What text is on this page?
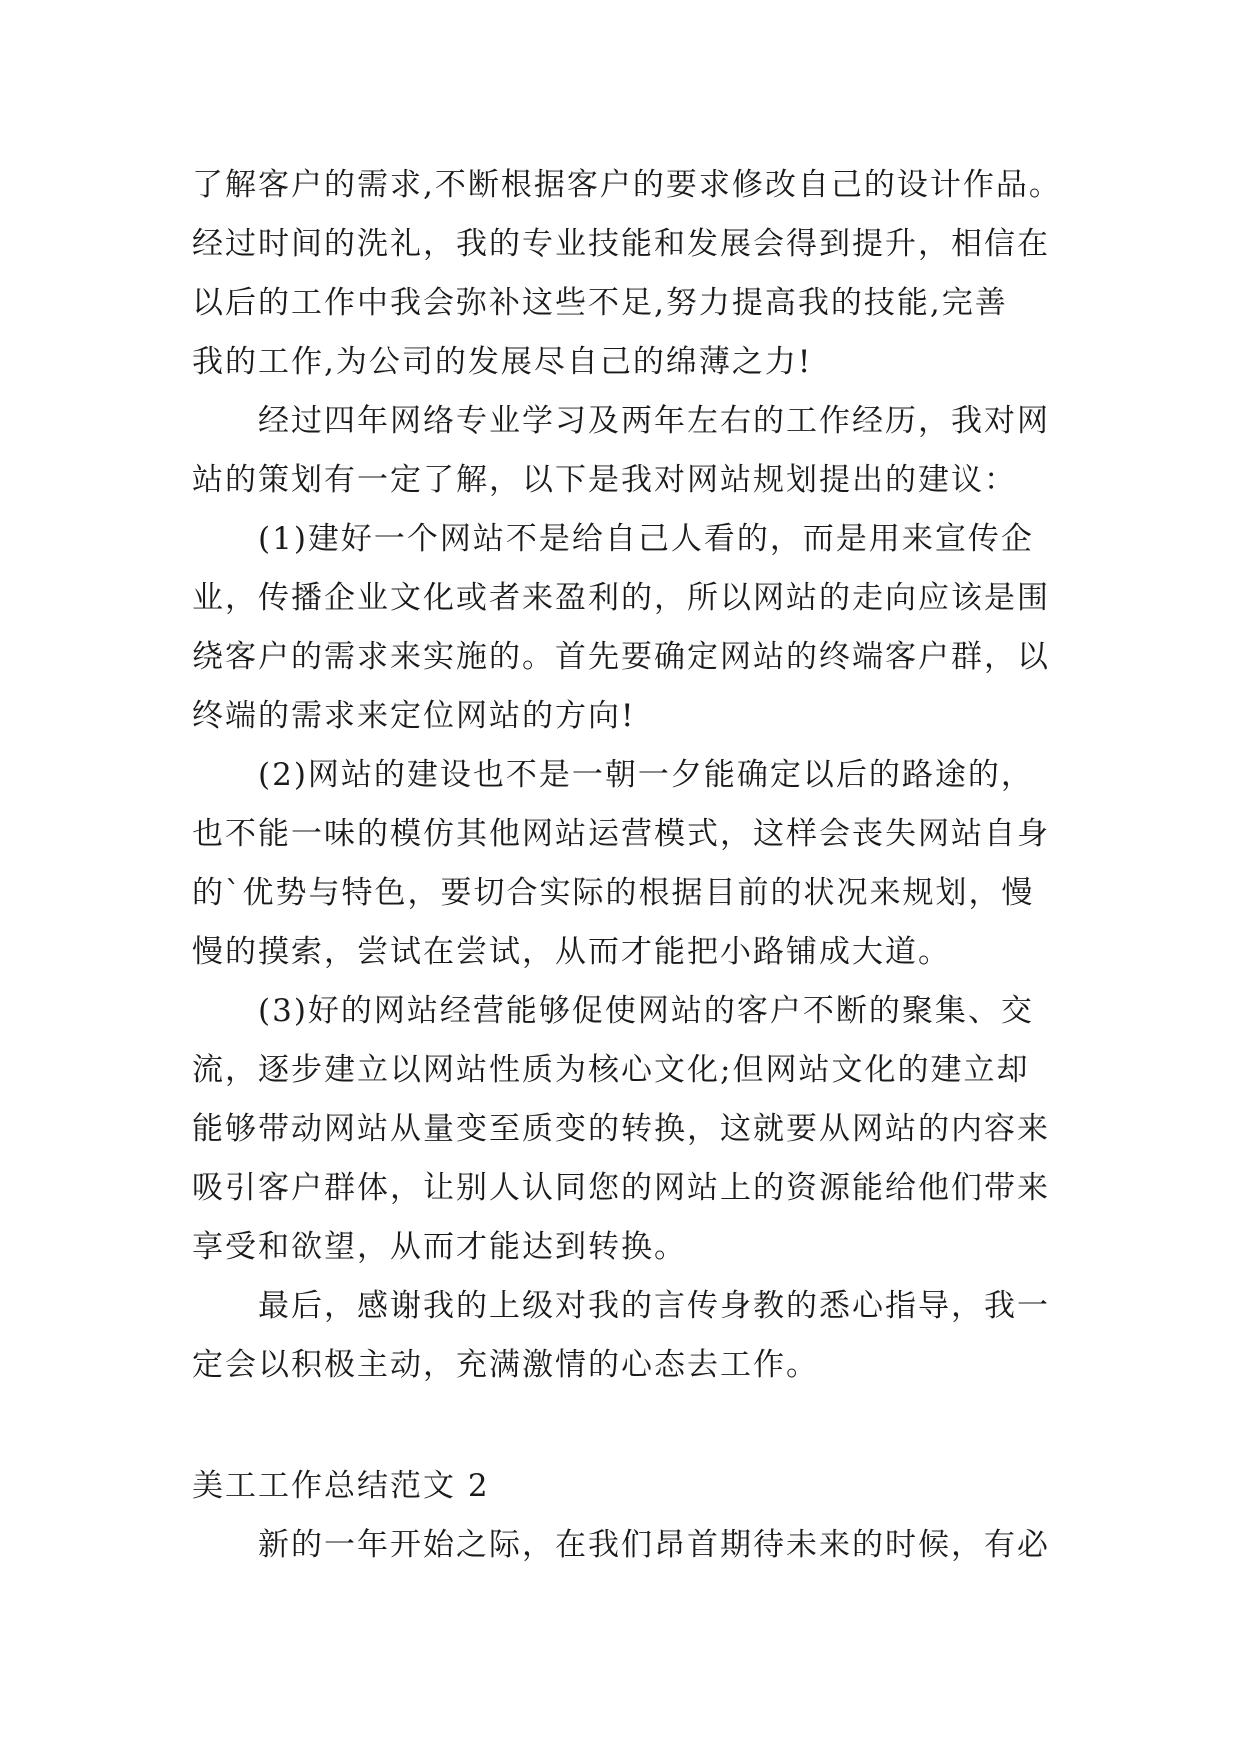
了解客户的需求,不断根据客户的要求修改自己的设计作品。
经过时间的洗礼，我的专业技能和发展会得到提升，相信在
以后的工作中我会弥补这些不足,努力提高我的技能,完善
我的工作,为公司的发展尽自己的绵薄之力!
经过四年网络专业学习及两年左右的工作经历，我对网
站的策划有一定了解，以下是我对网站规划提出的建议：
(1)建好一个网站不是给自己人看的，而是用来宣传企
业，传播企业文化或者来盈利的，所以网站的走向应该是围
绕客户的需求来实施的。首先要确定网站的终端客户群，以
终端的需求来定位网站的方向!
(2)网站的建设也不是一朝一夕能确定以后的路途的，
也不能一味的模仿其他网站运营模式，这样会丧失网站自身
的`优势与特色，要切合实际的根据目前的状况来规划，慢
慢的摸索，尝试在尝试，从而才能把小路铺成大道。
(3)好的网站经营能够促使网站的客户不断的聚集、交
流，逐步建立以网站性质为核心文化;但网站文化的建立却
能够带动网站从量变至质变的转换，这就要从网站的内容来
吸引客户群体，让别人认同您的网站上的资源能给他们带来
享受和欲望，从而才能达到转换。
最后，感谢我的上级对我的言传身教的悉心指导，我一
定会以积极主动，充满激情的心态去工作。
美工工作总结范文 2
新的一年开始之际，在我们昂首期待未来的时候，有必
